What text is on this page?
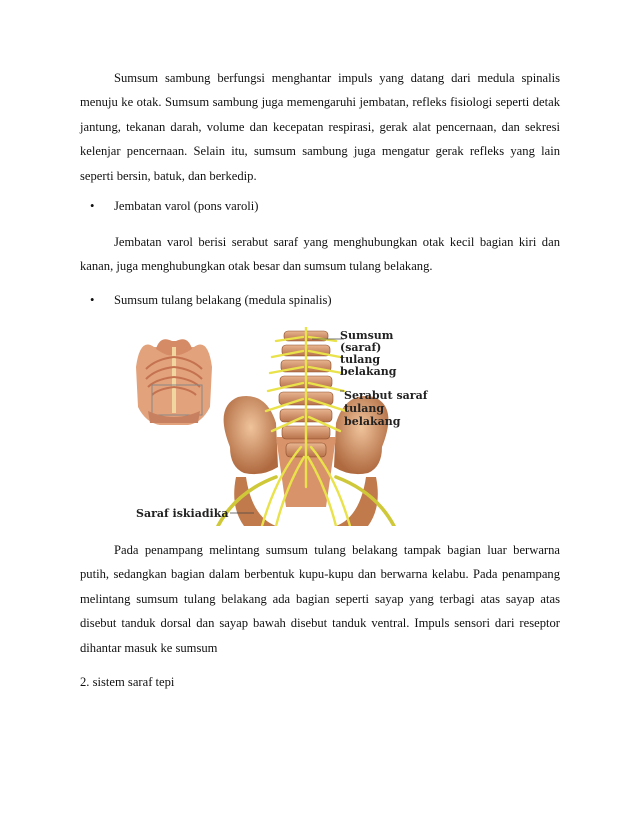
Sumsum sambung berfungsi menghantar impuls yang datang dari medula spinalis menuju ke otak. Sumsum sambung juga memengaruhi jembatan, refleks fisiologi seperti detak jantung, tekanan darah, volume dan kecepatan respirasi, gerak alat pencernaan, dan sekresi kelenjar pencernaan. Selain itu, sumsum sambung juga mengatur gerak refleks yang lain seperti bersin, batuk, dan berkedip.

• Jembatan varol (pons varoli)

Jembatan varol berisi serabut saraf yang menghubungkan otak kecil bagian kiri dan kanan, juga menghubungkan otak besar dan sumsum tulang belakang.

• Sumsum tulang belakang (medula spinalis)
Sumsum (saraf)
tulang belakang
Serabut saraf
tulang belakang
Saraf iskiadika

Pada penampang melintang sumsum tulang belakang tampak bagian luar berwarna putih, sedangkan bagian dalam berbentuk kupu-kupu dan berwarna kelabu. Pada penampang melintang sumsum tulang belakang ada bagian seperti sayap yang terbagi atas sayap atas disebut tanduk dorsal dan sayap bawah disebut tanduk ventral. Impuls sensori dari reseptor dihantar masuk ke sumsum

2. sistem saraf tepi
